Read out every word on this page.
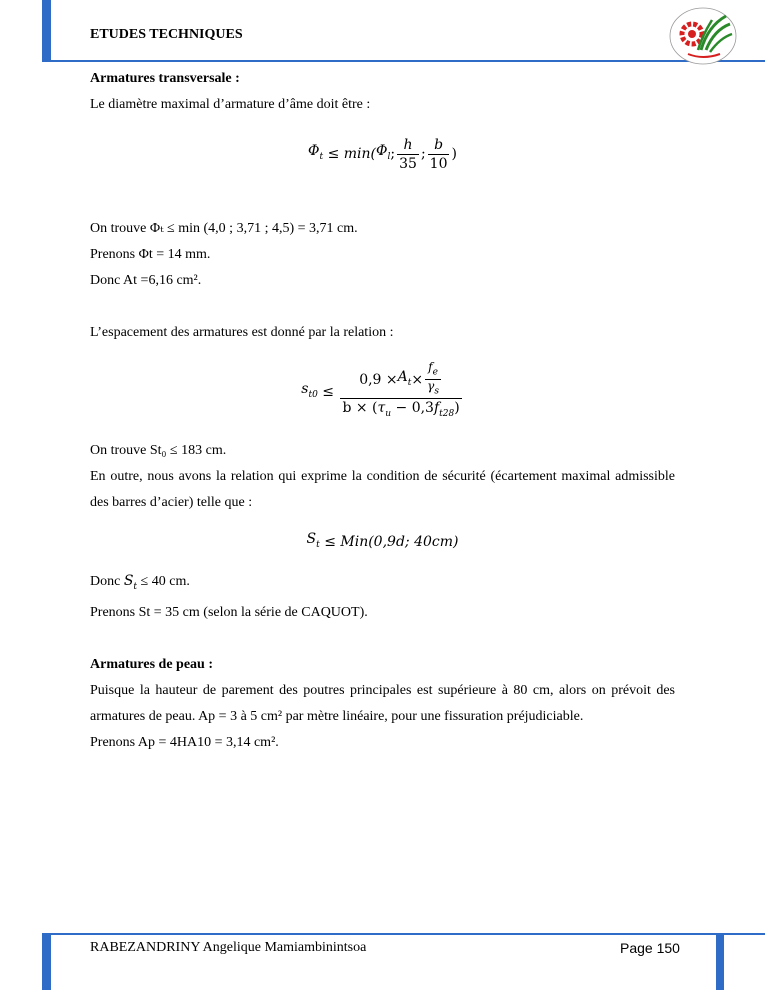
ETUDES TECHNIQUES

Armatures transversale :

Le diamètre maximal d’armature d’âme doit être :

$\Phi_t$
≤
min( $\Phi_l$ ; $\frac{h}{35}$ ; $\frac{b}{10}$ )

On trouve Φₜ ≤ min (4,0 ; 3,71 ; 4,5) = 3,71 cm.

Prenons Φt = 14 mm.

Donc At =6,16 cm².

L’espacement des armatures est donné par la relation :

$s_{t0}$
≤

$0,9 \times A_t \times \frac{f_e}{\gamma_s}$
$b \times (\tau_u - 0,3f_{t28})$

On trouve St₀ ≤ 183 cm.

En outre, nous avons la relation qui exprime la condition de sécurité (écartement maximal admissible des barres d’acier) telle que :

$S_t \le Min(0,9d$; 40cm)

Donc $S_t \le 40$ cm.

Prenons St = 35 cm (selon la série de CAQUOT).

Armatures de peau :

Puisque la hauteur de parement des poutres principales est supérieure à 80 cm, alors on prévoit des armatures de peau. Ap = 3 à 5 cm² par mètre linéaire, pour une fissuration préjudiciable.

Prenons Ap = 4HA10 = 3,14 cm².

RABEZANDRINY Angelique Mamiambinintsoa	Page 150
